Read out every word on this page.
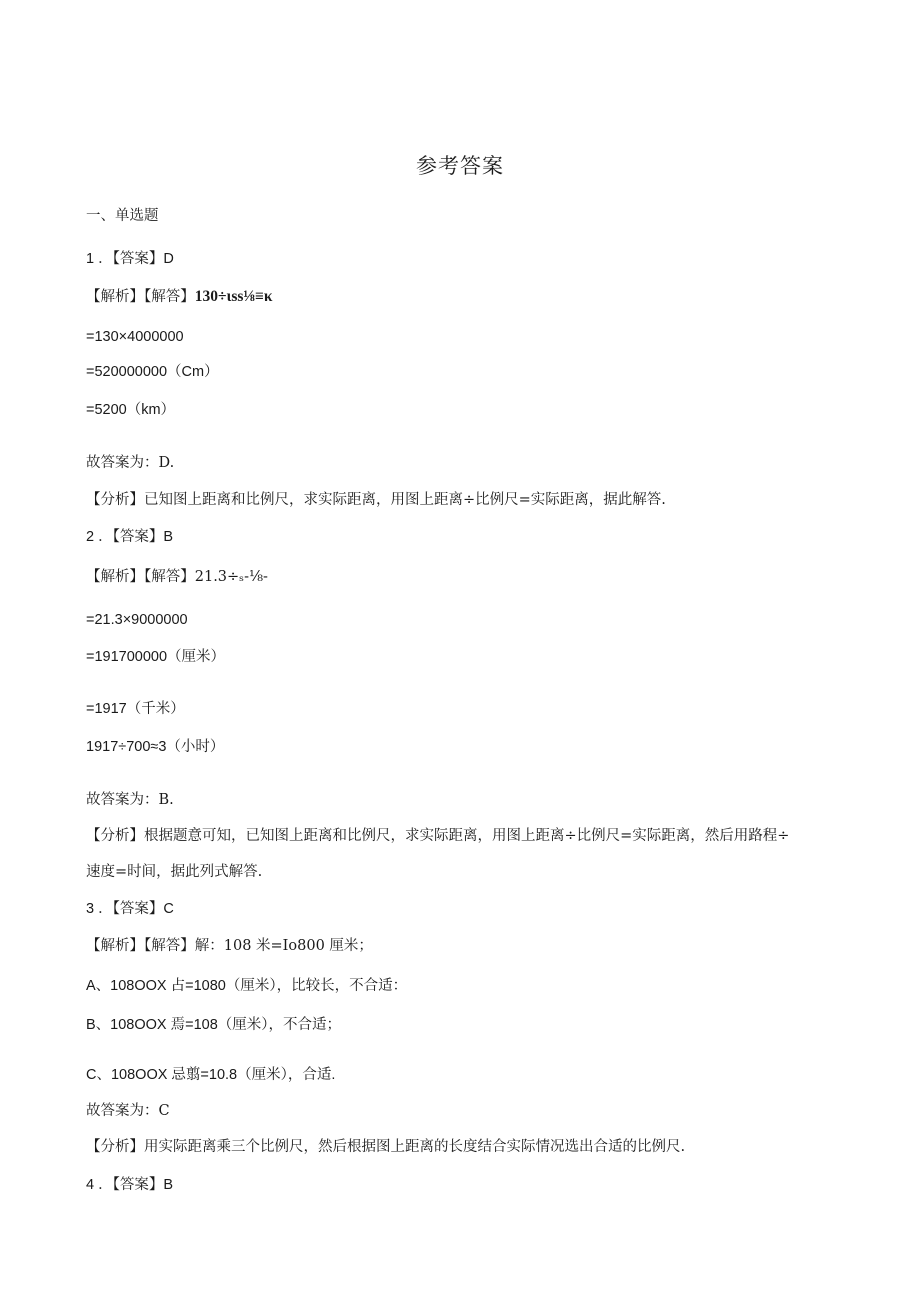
参考答案
一、单选题
1 ．【答案】D
【解析】【解答】130÷ιss⅛≡κ
=130×4000000
=520000000（Cm）
=5200（km）
故答案为：D.
【分析】已知图上距离和比例尺，求实际距离，用图上距离÷比例尺=实际距离，据此解答.
2 ．【答案】B
【解析】【解答】21.3÷ₛ-⅛-
=21.3×9000000
=191700000（厘米）
=1917（千米）
1917÷700≈3（小时）
故答案为：B.
【分析】根据题意可知，已知图上距离和比例尺，求实际距离，用图上距离÷比例尺=实际距离，然后用路程÷
速度=时间，据此列式解答.
3 ．【答案】C
【解析】【解答】解：108 米=Io800 厘米；
A、108OOX 占=1080（厘米），比较长，不合适：
B、108OOX 焉=108（厘米），不合适；
C、108OOX 忌翦=10.8（厘米），合适.
故答案为：C
【分析】用实际距离乘三个比例尺，然后根据图上距离的长度结合实际情况选出合适的比例尺.
4 ．【答案】B
